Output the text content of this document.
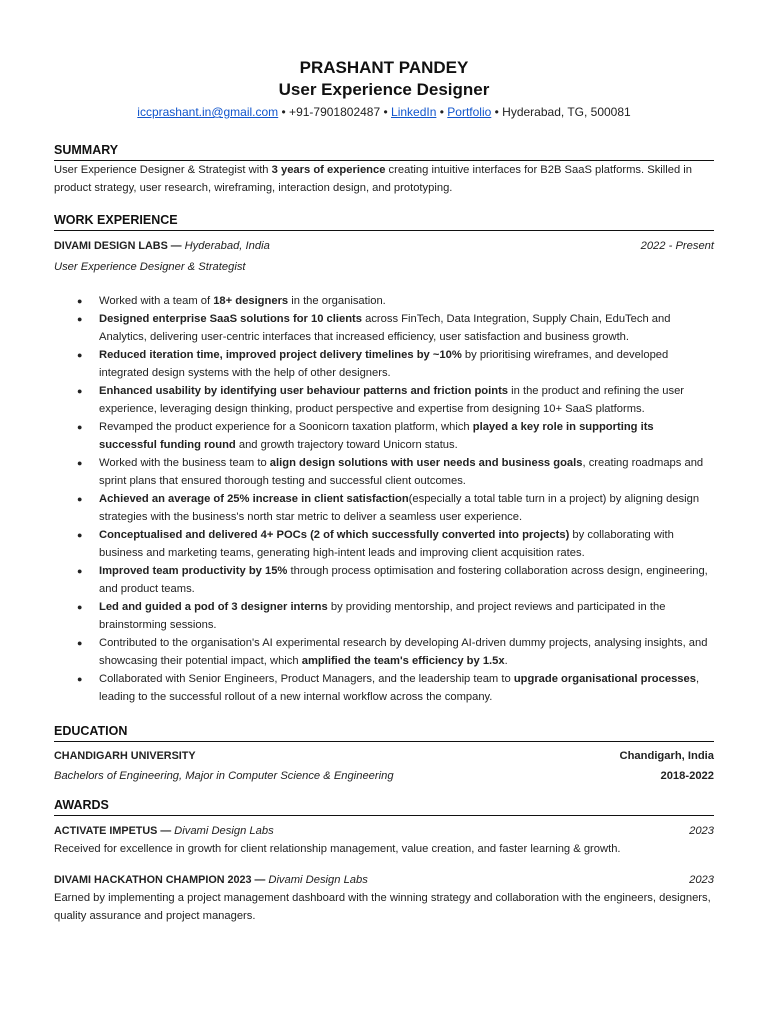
PRASHANT PANDEY
User Experience Designer
iccprashant.in@gmail.com • +91-7901802487 • LinkedIn • Portfolio • Hyderabad, TG, 500081
SUMMARY
User Experience Designer & Strategist with 3 years of experience creating intuitive interfaces for B2B SaaS platforms. Skilled in product strategy, user research, wireframing, interaction design, and prototyping.
WORK EXPERIENCE
DIVAMI DESIGN LABS — Hyderabad, India	2022 - Present
User Experience Designer & Strategist
● Worked with a team of 18+ designers in the organisation.
● Designed enterprise SaaS solutions for 10 clients across FinTech, Data Integration, Supply Chain, EduTech and Analytics, delivering user-centric interfaces that increased efficiency, user satisfaction and business growth.
● Reduced iteration time, improved project delivery timelines by ~10% by prioritising wireframes, and developed integrated design systems with the help of other designers.
● Enhanced usability by identifying user behaviour patterns and friction points in the product and refining the user experience, leveraging design thinking, product perspective and expertise from designing 10+ SaaS platforms.
● Revamped the product experience for a Soonicorn taxation platform, which played a key role in supporting its successful funding round and growth trajectory toward Unicorn status.
● Worked with the business team to align design solutions with user needs and business goals, creating roadmaps and sprint plans that ensured thorough testing and successful client outcomes.
● Achieved an average of 25% increase in client satisfaction(especially a total table turn in a project) by aligning design strategies with the business's north star metric to deliver a seamless user experience.
● Conceptualised and delivered 4+ POCs (2 of which successfully converted into projects) by collaborating with business and marketing teams, generating high-intent leads and improving client acquisition rates.
● Improved team productivity by 15% through process optimisation and fostering collaboration across design, engineering, and product teams.
● Led and guided a pod of 3 designer interns by providing mentorship, and project reviews and participated in the brainstorming sessions.
● Contributed to the organisation's AI experimental research by developing AI-driven dummy projects, analysing insights, and showcasing their potential impact, which amplified the team's efficiency by 1.5x.
● Collaborated with Senior Engineers, Product Managers, and the leadership team to upgrade organisational processes, leading to the successful rollout of a new internal workflow across the company.
EDUCATION
CHANDIGARH UNIVERSITY	Chandigarh, India
Bachelors of Engineering, Major in Computer Science & Engineering	2018-2022
AWARDS
ACTIVATE IMPETUS — Divami Design Labs	2023
Received for excellence in growth for client relationship management, value creation, and faster learning & growth.
DIVAMI HACKATHON CHAMPION 2023 — Divami Design Labs	2023
Earned by implementing a project management dashboard with the winning strategy and collaboration with the engineers, designers, quality assurance and project managers.
